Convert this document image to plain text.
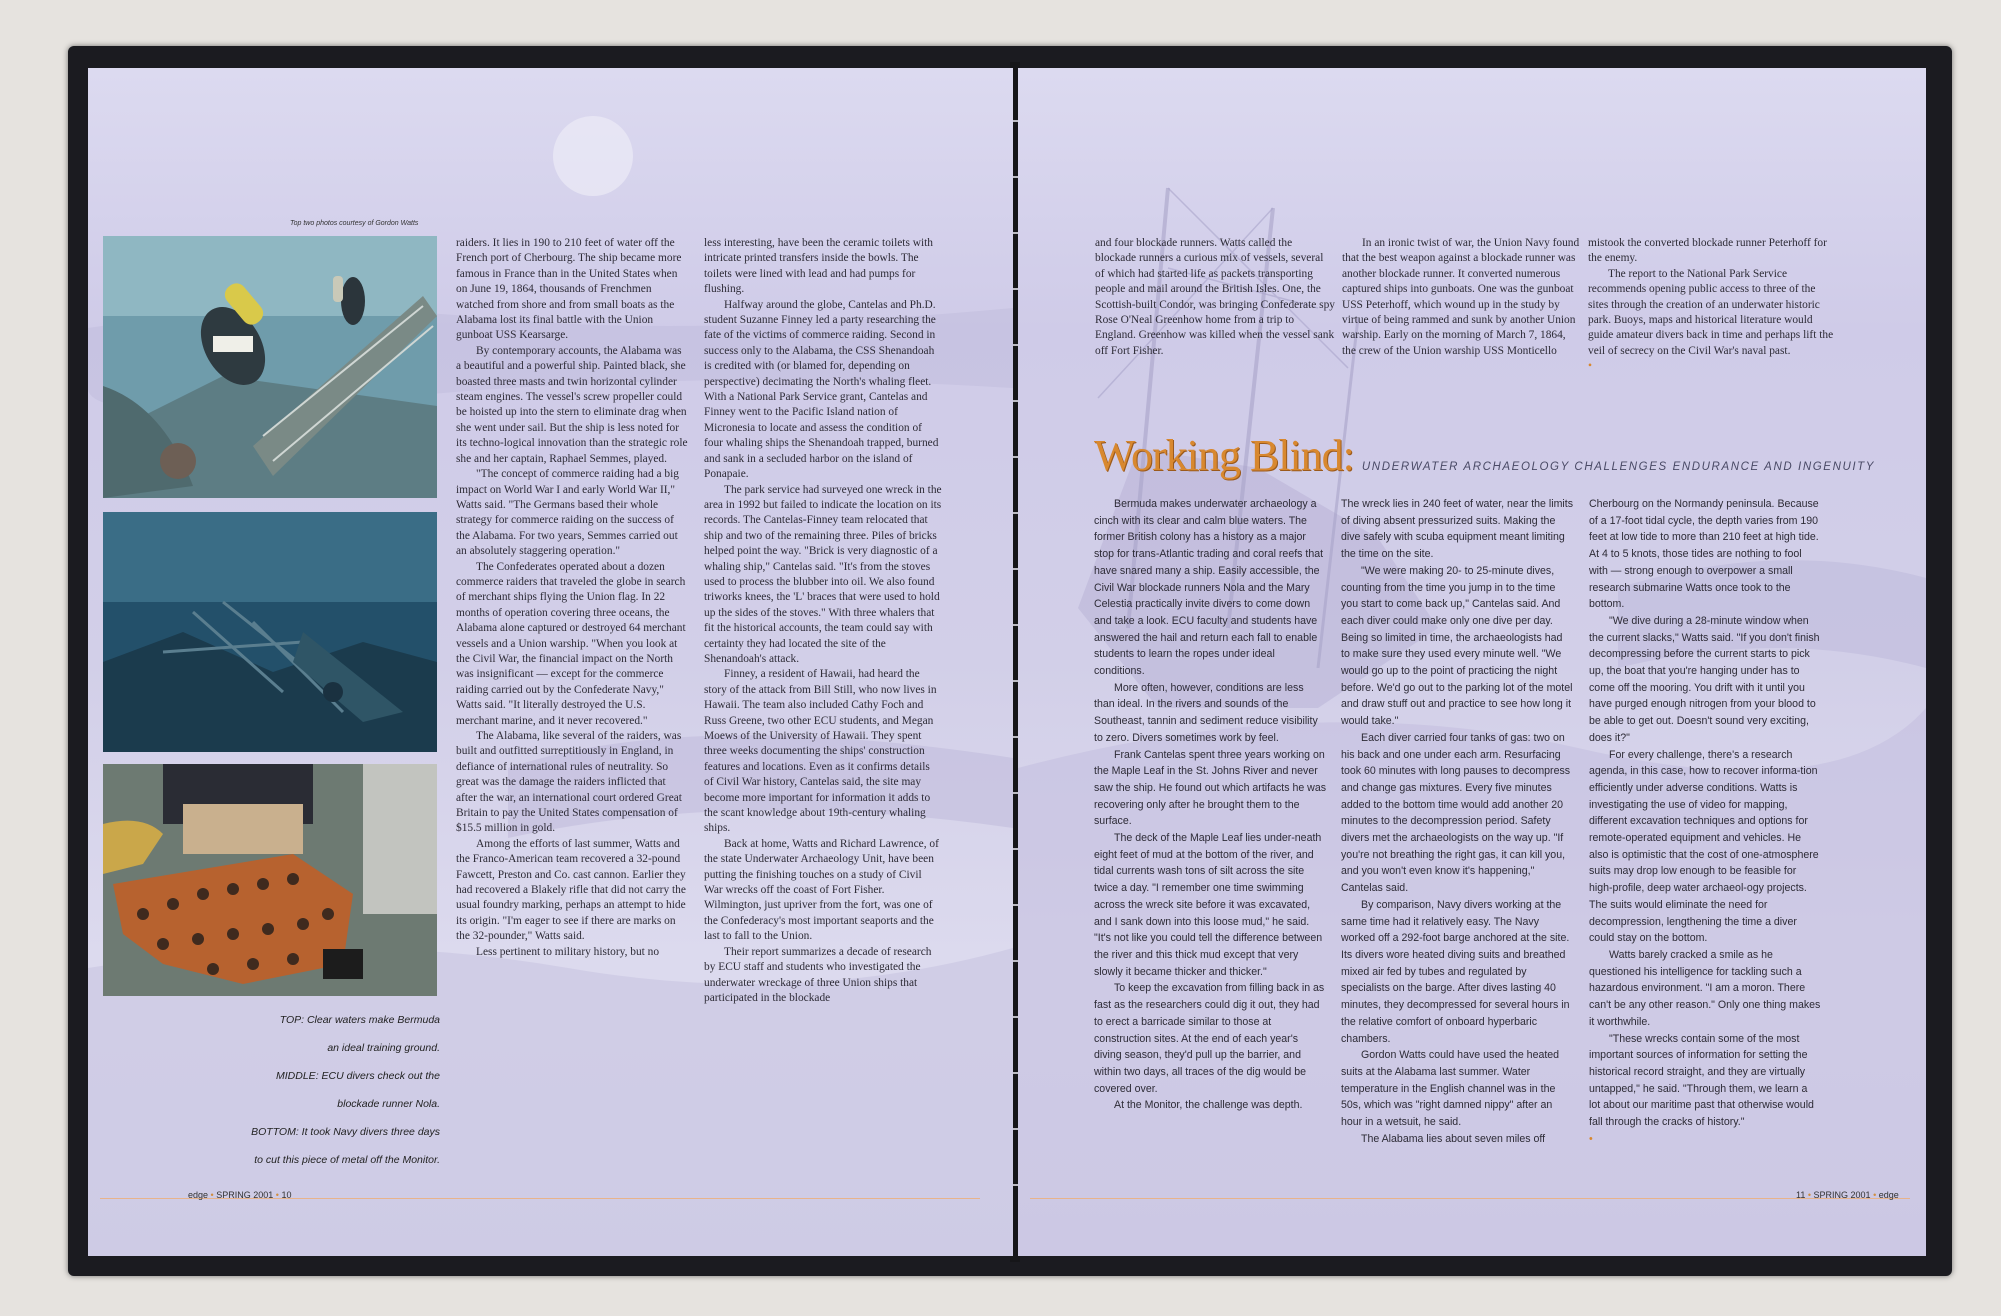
Top two photos courtesy of Gordon Watts
TOP: Clear waters make Bermuda
an ideal training ground.
MIDDLE: ECU divers check out the
blockade runner Nola.
BOTTOM: It took Navy divers three days
to cut this piece of metal off the Monitor.

raiders. It lies in 190 to 210 feet of water off the French port of Cherbourg. The ship became more famous in France than in the United States when on June 19, 1864, thousands of Frenchmen watched from shore and from small boats as the Alabama lost its final battle with the Union gunboat USS Kearsarge.

By contemporary accounts, the Alabama was a beautiful and a powerful ship. Painted black, she boasted three masts and twin horizontal cylinder steam engines. The vessel's screw propeller could be hoisted up into the stern to eliminate drag when she went under sail. But the ship is less noted for its techno-logical innovation than the strategic role she and her captain, Raphael Semmes, played.

"The concept of commerce raiding had a big impact on World War I and early World War II," Watts said. "The Germans based their whole strategy for commerce raiding on the success of the Alabama. For two years, Semmes carried out an absolutely staggering operation."

The Confederates operated about a dozen commerce raiders that traveled the globe in search of merchant ships flying the Union flag. In 22 months of operation covering three oceans, the Alabama alone captured or destroyed 64 merchant vessels and a Union warship. "When you look at the Civil War, the financial impact on the North was insignificant — except for the commerce raiding carried out by the Confederate Navy," Watts said. "It literally destroyed the U.S. merchant marine, and it never recovered."

The Alabama, like several of the raiders, was built and outfitted surreptitiously in England, in defiance of international rules of neutrality. So great was the damage the raiders inflicted that after the war, an international court ordered Great Britain to pay the United States compensation of $15.5 million in gold.

Among the efforts of last summer, Watts and the Franco-American team recovered a 32-pound Fawcett, Preston and Co. cast cannon. Earlier they had recovered a Blakely rifle that did not carry the usual foundry marking, perhaps an attempt to hide its origin. "I'm eager to see if there are marks on the 32-pounder," Watts said.

Less pertinent to military history, but no

less interesting, have been the ceramic toilets with intricate printed transfers inside the bowls. The toilets were lined with lead and had pumps for flushing.

Halfway around the globe, Cantelas and Ph.D. student Suzanne Finney led a party researching the fate of the victims of commerce raiding. Second in success only to the Alabama, the CSS Shenandoah is credited with (or blamed for, depending on perspective) decimating the North's whaling fleet. With a National Park Service grant, Cantelas and Finney went to the Pacific Island nation of Micronesia to locate and assess the condition of four whaling ships the Shenandoah trapped, burned and sank in a secluded harbor on the island of Ponapaie.

The park service had surveyed one wreck in the area in 1992 but failed to indicate the location on its records. The Cantelas-Finney team relocated that ship and two of the remaining three. Piles of bricks helped point the way. "Brick is very diagnostic of a whaling ship," Cantelas said. "It's from the stoves used to process the blubber into oil. We also found triworks knees, the 'L' braces that were used to hold up the sides of the stoves." With three whalers that fit the historical accounts, the team could say with certainty they had located the site of the Shenandoah's attack.

Finney, a resident of Hawaii, had heard the story of the attack from Bill Still, who now lives in Hawaii. The team also included Cathy Foch and Russ Greene, two other ECU students, and Megan Moews of the University of Hawaii. They spent three weeks documenting the ships' construction features and locations. Even as it confirms details of Civil War history, Cantelas said, the site may become more important for information it adds to the scant knowledge about 19th-century whaling ships.

Back at home, Watts and Richard Lawrence, of the state Underwater Archaeology Unit, have been putting the finishing touches on a study of Civil War wrecks off the coast of Fort Fisher. Wilmington, just upriver from the fort, was one of the Confederacy's most important seaports and the last to fall to the Union.

Their report summarizes a decade of research by ECU staff and students who investigated the underwater wreckage of three Union ships that participated in the blockade

edge • SPRING 2001 • 10

and four blockade runners. Watts called the blockade runners a curious mix of vessels, several of which had started life as packets transporting people and mail around the British Isles. One, the Scottish-built Condor, was bringing Confederate spy Rose O'Neal Greenhow home from a trip to England. Greenhow was killed when the vessel sank off Fort Fisher.

In an ironic twist of war, the Union Navy found that the best weapon against a blockade runner was another blockade runner. It converted numerous captured ships into gunboats. One was the gunboat USS Peterhoff, which wound up in the study by virtue of being rammed and sunk by another Union warship. Early on the morning of March 7, 1864, the crew of the Union warship USS Monticello

mistook the converted blockade runner Peterhoff for the enemy.

The report to the National Park Service recommends opening public access to three of the sites through the creation of an underwater historic park. Buoys, maps and historical literature would guide amateur divers back in time and perhaps lift the veil of secrecy on the Civil War's naval past.

•
Working Blind: UNDERWATER ARCHAEOLOGY CHALLENGES ENDURANCE AND INGENUITY

Bermuda makes underwater archaeology a cinch with its clear and calm blue waters. The former British colony has a history as a major stop for trans-Atlantic trading and coral reefs that have snared many a ship. Easily accessible, the Civil War blockade runners Nola and the Mary Celestia practically invite divers to come down and take a look. ECU faculty and students have answered the hail and return each fall to enable students to learn the ropes under ideal conditions.

More often, however, conditions are less than ideal. In the rivers and sounds of the Southeast, tannin and sediment reduce visibility to zero. Divers sometimes work by feel.

Frank Cantelas spent three years working on the Maple Leaf in the St. Johns River and never saw the ship. He found out which artifacts he was recovering only after he brought them to the surface.

The deck of the Maple Leaf lies under-neath eight feet of mud at the bottom of the river, and tidal currents wash tons of silt across the site twice a day. "I remember one time swimming across the wreck site before it was excavated, and I sank down into this loose mud," he said. "It's not like you could tell the difference between the river and this thick mud except that very slowly it became thicker and thicker."

To keep the excavation from filling back in as fast as the researchers could dig it out, they had to erect a barricade similar to those at construction sites. At the end of each year's diving season, they'd pull up the barrier, and within two days, all traces of the dig would be covered over.

At the Monitor, the challenge was depth.

The wreck lies in 240 feet of water, near the limits of diving absent pressurized suits. Making the dive safely with scuba equipment meant limiting the time on the site.

"We were making 20- to 25-minute dives, counting from the time you jump in to the time you start to come back up," Cantelas said. And each diver could make only one dive per day. Being so limited in time, the archaeologists had to make sure they used every minute well. "We would go up to the point of practicing the night before. We'd go out to the parking lot of the motel and draw stuff out and practice to see how long it would take."

Each diver carried four tanks of gas: two on his back and one under each arm. Resurfacing took 60 minutes with long pauses to decompress and change gas mixtures. Every five minutes added to the bottom time would add another 20 minutes to the decompression period. Safety divers met the archaeologists on the way up. "If you're not breathing the right gas, it can kill you, and you won't even know it's happening," Cantelas said.

By comparison, Navy divers working at the same time had it relatively easy. The Navy worked off a 292-foot barge anchored at the site. Its divers wore heated diving suits and breathed mixed air fed by tubes and regulated by specialists on the barge. After dives lasting 40 minutes, they decompressed for several hours in the relative comfort of onboard hyperbaric chambers.

Gordon Watts could have used the heated suits at the Alabama last summer. Water temperature in the English channel was in the 50s, which was "right damned nippy" after an hour in a wetsuit, he said.

The Alabama lies about seven miles off

Cherbourg on the Normandy peninsula. Because of a 17-foot tidal cycle, the depth varies from 190 feet at low tide to more than 210 feet at high tide. At 4 to 5 knots, those tides are nothing to fool with — strong enough to overpower a small research submarine Watts once took to the bottom.

"We dive during a 28-minute window when the current slacks," Watts said. "If you don't finish decompressing before the current starts to pick up, the boat that you're hanging under has to come off the mooring. You drift with it until you have purged enough nitrogen from your blood to be able to get out. Doesn't sound very exciting, does it?"

For every challenge, there's a research agenda, in this case, how to recover informa-tion efficiently under adverse conditions. Watts is investigating the use of video for mapping, different excavation techniques and options for remote-operated equipment and vehicles. He also is optimistic that the cost of one-atmosphere suits may drop low enough to be feasible for high-profile, deep water archaeol-ogy projects. The suits would eliminate the need for decompression, lengthening the time a diver could stay on the bottom.

Watts barely cracked a smile as he questioned his intelligence for tackling such a hazardous environment. "I am a moron. There can't be any other reason." Only one thing makes it worthwhile.

"These wrecks contain some of the most important sources of information for setting the historical record straight, and they are virtually untapped," he said. "Through them, we learn a lot about our maritime past that otherwise would fall through the cracks of history."

•
11 • SPRING 2001 • edge
